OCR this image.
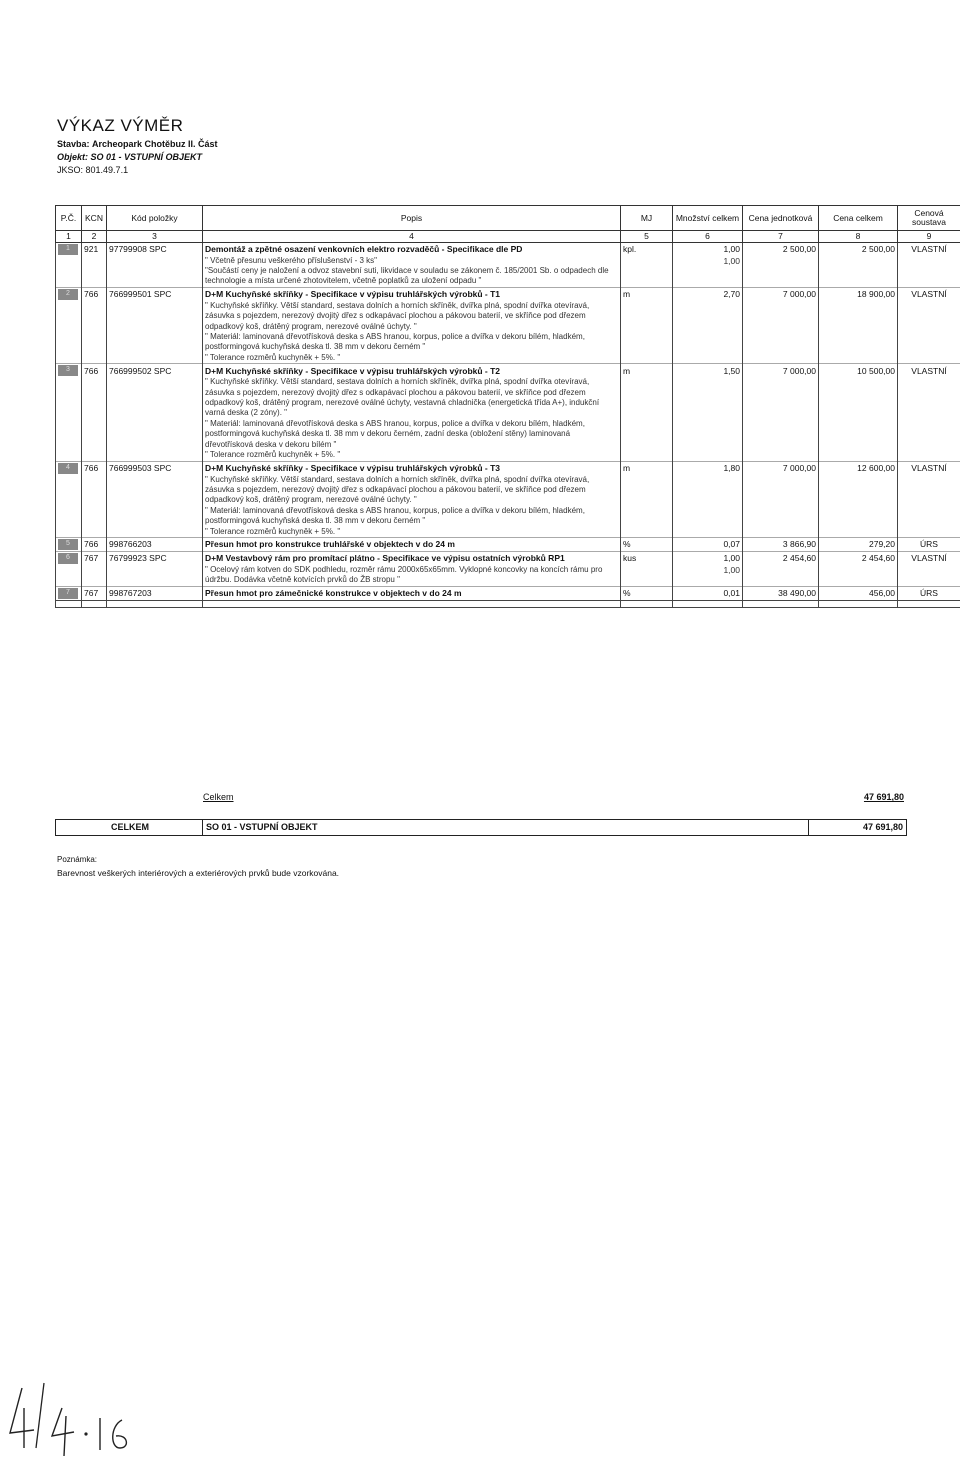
VÝKAZ VÝMĚR
Stavba: Archeopark Chotěbuz II. Část
Objekt: SO 01 - VSTUPNÍ OBJEKT
JKSO: 801.49.7.1
P.Č.	KCN	Kód položky	Popis	MJ	Množství celkem	Cena jednotková	Cena celkem	Cenová soustava
1	2	3	4	5	6	7	8	9
1	921	97799908 SPC	Demontáž a zpětné osazení venkovních elektro rozvaděčů - Specifikace dle PD	kpl.	1,00	2 500,00	2 500,00	VLASTNÍ
			" Včetně přesunu veškerého příslušenství - 3 ks"		1,00			
			"Součástí ceny je naložení a odvoz stavební suti, likvidace v souladu se zákonem č. 185/2001 Sb. o odpadech dle technologie a místa určené zhotovitelem, včetně poplatků za uložení odpadu "					
2	766	766999501 SPC	D+M Kuchyňské skříňky - Specifikace v výpisu truhlářských výrobků - T1	m	2,70	7 000,00	18 900,00	VLASTNÍ
			" Kuchyňské skříňky. Větší standard, sestava dolních a horních skříněk, dvířka plná, spodní dvířka otevíravá, zásuvka s pojezdem, nerezový dvojitý dřez s odkapávací plochou a pákovou baterií, ve skříňce pod dřezem odpadkový koš, drátěný program, nerezové oválné úchyty. "					
			" Materiál: laminovaná dřevotřísková deska s ABS hranou, korpus, police a dvířka v dekoru bílém, hladkém, postformingová kuchyňská deska tl. 38 mm v dekoru černém "					
			" Tolerance rozměrů kuchyněk + 5%. "					
3	766	766999502 SPC	D+M Kuchyňské skříňky - Specifikace v výpisu truhlářských výrobků - T2	m	1,50	7 000,00	10 500,00	VLASTNÍ
			" Kuchyňské skříňky. Větší standard, sestava dolních a horních skříněk, dvířka plná, spodní dvířka otevíravá, zásuvka s pojezdem, nerezový dvojitý dřez s odkapávací plochou a pákovou baterií, ve skříňce pod dřezem odpadkový koš, drátěný program, nerezové oválné úchyty, vestavná chladnička (energetická třída A+), indukční varná deska (2 zóny). "					
			" Materiál: laminovaná dřevotřísková deska s ABS hranou, korpus, police a dvířka v dekoru bílém, hladkém, postformingová kuchyňská deska tl. 38 mm v dekoru černém, zadní deska (obložení stěny) laminovaná dřevotřísková deska v dekoru bílém "					
			" Tolerance rozměrů kuchyněk + 5%. "					
4	766	766999503 SPC	D+M Kuchyňské skříňky - Specifikace v výpisu truhlářských výrobků - T3	m	1,80	7 000,00	12 600,00	VLASTNÍ
			" Kuchyňské skříňky. Větší standard, sestava dolních a horních skříněk, dvířka plná, spodní dvířka otevíravá, zásuvka s pojezdem, nerezový dvojitý dřez s odkapávací plochou a pákovou baterií, ve skříňce pod dřezem odpadkový koš, drátěný program, nerezové oválné úchyty. "					
			" Materiál: laminovaná dřevotřísková deska s ABS hranou, korpus, police a dvířka v dekoru bílém, hladkém, postformingová kuchyňská deska tl. 38 mm v dekoru černém "					
			" Tolerance rozměrů kuchyněk + 5%. "					
5	766	998766203	Přesun hmot pro konstrukce truhlářské v objektech v do 24 m	%	0,07	3 866,90	279,20	ÚRS
6	767	76799923 SPC	D+M Vestavbový rám pro promítací plátno - Specifikace ve výpisu ostatních výrobků RP1	kus	1,00	2 454,60	2 454,60	VLASTNÍ
			" Ocelový rám kotven do SDK podhledu, rozměr rámu 2000x65x65mm. Vyklopné koncovky na koncích rámu pro údržbu. Dodávka včetně kotvících prvků do ŽB stropu "		1,00			
7	767	998767203	Přesun hmot pro zámečnické konstrukce v objektech v do 24 m	%	0,01	38 490,00	456,00	ÚRS

Celkem	47 691,80
CELKEM	SO 01 - VSTUPNÍ OBJEKT	47 691,80
Poznámka:
Barevnost veškerých interiérových a exteriérových prvků bude vzorkována.
